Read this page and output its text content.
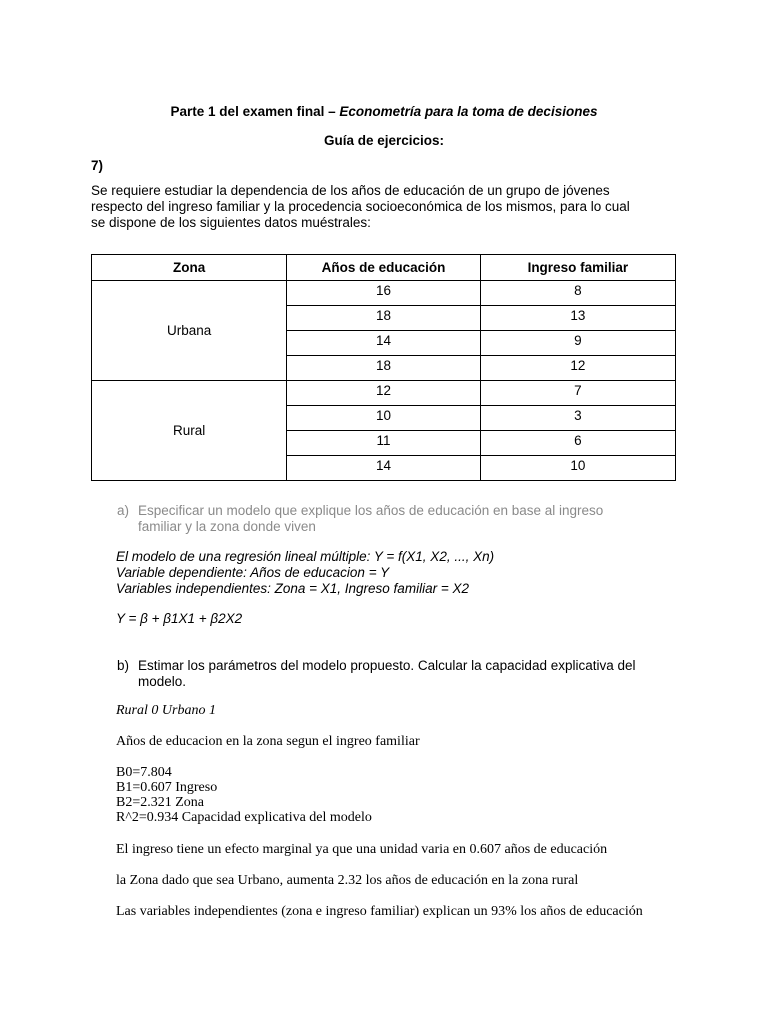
Parte 1 del examen final – Econometría para la toma de decisiones
Guía de ejercicios:
7)
Se requiere estudiar la dependencia de los años de educación de un grupo de jóvenes
respecto del ingreso familiar y la procedencia socioeconómica de los mismos, para lo cual
se dispone de los siguientes datos muéstrales:
Zona	Años de educación	Ingreso familiar
Urbana	16	8
	18	13
	14	9
	18	12
Rural	12	7
	10	3
	11	6
	14	10
a) Especificar un modelo que explique los años de educación en base al ingreso
familiar y la zona donde viven
El modelo de una regresión lineal múltiple: Y = f(X1, X2, ..., Xn)
Variable dependiente: Años de educacion = Y
Variables independientes: Zona = X1, Ingreso familiar = X2
Y = β + β1X1 + β2X2
b) Estimar los parámetros del modelo propuesto. Calcular la capacidad explicativa del
modelo.
Rural 0 Urbano 1
Años de educacion en la zona segun el ingreo familiar
B0=7.804
B1=0.607 Ingreso
B2=2.321 Zona
R^2=0.934 Capacidad explicativa del modelo
El ingreso tiene un efecto marginal ya que una unidad varia en 0.607 años de educación
la Zona dado que sea Urbano, aumenta 2.32 los años de educación en la zona rural
Las variables independientes (zona e ingreso familiar) explican un 93% los años de educación
